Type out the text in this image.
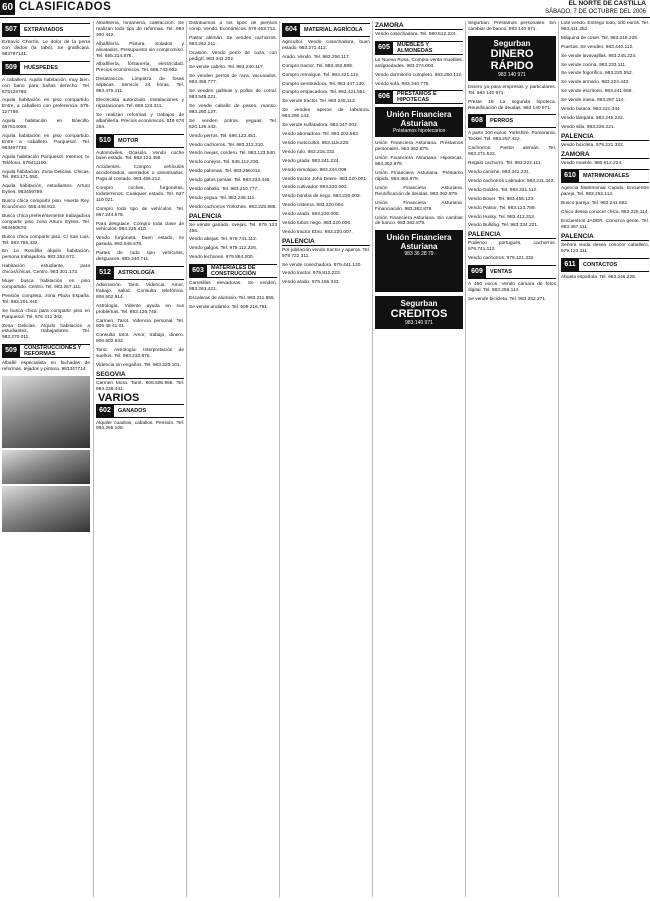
60 CLASIFICADOS	EL NORTE DE CASTILLA
SÁBADO, 7 DE OCTUBRE DEL 2006
507	EXTRAVIADOS
Extravío Chorrín. Le dolor de la perra con dedos (la rabo). Se gratificará. 983797141.
509	HUÉSPEDES
A caballero. Aquila habitación, muy bien, con bano para bañas derecho. Tel. 675129788.
Aquila habitación en piso compartido. Entre, a caballero con preferencia. 675-127788.
Aquila habitación en Bóecillo. 657514008.
Aquila habitación en piso compartido. Entre a caballero. Parquesol. Tel. 983497738.
Aquila habitación Parquesol. Internet, tv. Teléfono. 679411100.
Aquila habitación. Zona Delicias. Chicas. Tel. 983.171.650.
Aquila habitación, estudiantes. Arturo Eyries. 983456789.
Busco chica compartir piso. Huerta Rey. Económico. 655.448.912.
Busco chica preferentemente trabajadora compartir piso zona Arturo Eyries. Tel. 983450678.
Busco chica compartir piso. C/ San Luis. Tel. 983.756.432.
En La Rondilla alquilo habitación, persona trabajadora. 983.352.671.
Habitación estudiante, para chicos/chicas. Centro. 983.301.172.
Mujer busca habitación en piso compartido. Centro. Tel. 983.267.111.
Pensión completa, zona Plaza España. Tel. 983.201.440.
Se busca chica para compartir piso en Parquesol. Tel. 676 412 302.
Zona Delicias. Alquilo habitación a estudiantes, trabajadores. Tel. 983.270.011.
509	CONSTRUCCIONES Y REFORMAS
Albañil especialista en fachadas de reformas, tejados y pintura. 983347714.
Albañilería, fontanería, calefacción. Se realizan todo tipo de reformas. Tel. 983 300 442.
Albañilería. Pintura. Solados y alicatados. Presupuesto sin compromiso. Tel. 655.214.876.
Albañilería, fontanería, electricidad. Precios económicos. Tel. 686.743.902.
Desatrancos. Limpieza de fosas sépticas. Servicio 24 horas. Tel. 983.476.111.
Electricista autorizado. Instalaciones y reparaciones. Tel. 669.124.311.
Se realizan reformas y trabajos de albañilería. Precios económicos. 615 678 254.
510	MOTOR
Automóviles. Ocasión. Vendo coche buen estado. Tel. 983.123.456.
Accidentes. Compro vehículos accidentados, averiados o siniestrados. Pago al contado. 983.456.212.
Compro coches, furgonetas, todoterrenos. Cualquier estado. Tel. 627 110 021.
Compro todo tipo de vehículos. Tel. 697.244.578.
Para desguace. Compro toda clase de vehículos. 983.225.410.
Vendo furgoneta, buen estado, itv pasada. 983.545.578.
Partes de todo tipo vehículos, desguaces. 983.240.711.
512	ASTROLOGÍA
Adivinación. Tarot. Videncia. Amor, trabajo, salud. Consulta telefónica. 806.502.914.
Astrología. Vidente ayuda en sus problemas. Tel. 983.126.745.
Carmen. Tarot. Videncia personal. Tel. 806 45 41 01.
Consulta tarot. Amor, trabajo, dinero. 806.502.932.
Tarot. Astrología. Interpretación de sueños. Tel. 983.233.876.
Videncia sin engaños. Tel. 983.220.101.
SEGOVIA
Carmen Mora. Tarot. 806.506.958. Tel. 983.236.441.
VARIOS
602	GANADOS
Alquiler cuadras, caballos. Pensión. Tel. 983.265.108.
Distribuimos a los tipos de piensos comp. Vendo. Económicos. 679.463.712.
Pastor alemán. Se venden cachorros. 983.262.211.
Ocasión. Vendo perro de caza, con pedigrí. 983.341.202.
Se vende cabrito. Tel. 983.240.117.
Se venden perros de raza, vacunados. 983.458.777.
Se venden gallinas y pollos de corral. 983.545.221.
Se vende caballo de paseo, manso. 983.280.127.
Se venden potros, yeguas. Tel. 620.126.442.
Vendo perros. Tel. 686.123.451.
Vendo cachorros. Tel. 983.212.310.
Vendo ovejas, cordero. Tel. 983.123.540.
Vendo conejos. Tel. 645.112.230.
Vendo palomas. Tel. 983.256.012.
Vendo gatos persas. Tel. 983.233.445.
Vendo caballo. Tel. 983.210.777.
Vendo yegua. Tel. 983.248.111.
Vendo cachorros Yorkshire. 983.225.888.
PALENCIA
Se vende ganado, ovejas. Tel. 979 123 456.
Vendo abejas. Tel. 979.741.112.
Vendo galgos. Tel. 979.112.226.
Vendo lechones. 979.884.200.
603	MATERIALES DE CONSTRUCCIÓN
Carretillas elevadoras. Se venden. 983.263.421.
Escaleras de aluminio. Tel. 983.211.555.
Se vende andamio. Tel. 609.216.781.
604	MATERIAL AGRÍCOLA
Agricultor. Vendo cosechadora, buen estado. 983.271.412.
Arado. Vendo. Tel. 983.256.117.
Compro tractor. Tel. 983.452.889.
Compro remolque. Tel. 983.421.112.
Compro sembradora. Tel. 983.447.130.
Compro empacadora. Tel. 983.421.551.
Se vende tractor. Tel. 983.245.112.
Se venden aperos de labranza. 983.290.143.
Se vende sulfatadora. 983.247.002.
Vendo abonadora. Tel. 983.202.553.
Vendo motocultor. 983.115.228.
Vendo rulo. 983.216.332.
Vendo grada. 983.241.224.
Vendo remolque. 983.244.009.
Vendo tractor John Deere. 983.220.001.
Vendo cultivador. 983.220.002.
Vendo bomba de riego. 983.220.003.
Vendo cisterna. 983.220.004.
Vendo arado. 983.220.005.
Vendo tubos riego. 983.220.006.
Vendo tractor Ebro. 983.220.007.
PALENCIA
Por jubilación vendo tractor y aperos. Tel. 979 722 311.
Se vende cosechadora. 979.441.120.
Vendo tractor. 979.812.223.
Vendo arado. 979.155.342.
ZAMORA
Vendo cosechadora. Tel. 980.512.224.
605	MUEBLES Y ALMONEDAS
La Nueva Rosa. Compra venta muebles, antigüedades. 983.374.003.
Vendo dormitorio completo. 983.250.112.
Vendo sofá. 983.340.776.
606	PRÉSTAMOS E HIPOTECAS
Unión Financiera Asturiana
Préstamos hipotecarios
Unión Financiera Asturiana. Préstamos personales. 983.362.879.
Unión Financiera Asturiana. Hipotecas. 983.362.879.
Unión Financiera Asturiana. Préstamo rápido. 983.362.879.
Unión Financiera Asturiana. Reunificación de deudas. 983.362.879.
Unión Financiera Asturiana. Financiación. 983.362.879.
Unión Financiera Asturiana. Sin cambiar de banco. 983.362.879.
Unión Financiera Asturiana
983 36 28 79
Segurban
CREDITOS
983 140 971
Segurban. Préstamos personales. Sin cambiar de banco. 983 140 971.
Segurban
DINERO RÁPIDO
983 140 971
Dinero ya para empresas y particulares. Tel. 983 140 971.
Preste 16 La segunda hipoteca. Reunificación de deudas. 983 140 971.
608	PERROS
A partir 100 euros. Yorkshire, Pomerania, Teckel. Tel. 983.257.422.
Cachorros. Pastor alemán. Tel. 983.271.522.
Regalo cachorro. Tel. 983.222.111.
Vendo caniche. 983.341.231.
Vendo cachorros Labrador. 983.211.342.
Vendo Golden. Tel. 983.331.112.
Vendo Boxer. Tel. 983.456.123.
Vendo Pastor. Tel. 983.123.789.
Vendo Husky. Tel. 983.412.312.
Vendo Bulldog. Tel. 983.334.221.
PALENCIA
Podenco portugués, cachorros. 979.741.112.
Vendo cachorros. 979.121.332.
609	VENTAS
A 450 euros. Vendo cámara de fotos digital. Tel. 983.256.114.
Se vende bicicleta. Tel. 983.252.271.
Lote vendo. Entrego todo, 100 euros. Tel. 983.411.252.
Máquina de coser. Tel. 983.215.228.
Puertas. Se venden. 983.440.112.
Se vende lavavajillas. 983.245.224.
Se vende cocina. 983.233.111.
Se vende frigorífico. 983.220.552.
Se vende armario. 983.224.443.
Se vende escritorio. 983.241.558.
Se vende mesa. 983.287.114.
Vendo butaca. 983.221.344.
Vendo lámpara. 983.245.232.
Vendo silla. 983.226.221.
PALENCIA
Vendo bicicleta. 979.221.332.
ZAMORA
Vendo mueble. 980.512.224.
610	MATRIMONIALES
Agencia Matrimonial Cupido. Encuentre pareja. Tel. 983.252.114.
Busco pareja. Tel. 983.241.662.
Chico desea conocer chica. 983.225.114.
Encuentros JADER. Conozca gente. Tel. 983.367.111.
PALENCIA
Señora viuda desea conocer caballero. 979.123.111.
611	CONTACTOS
Abuela española. Tel. 983.246.228.
